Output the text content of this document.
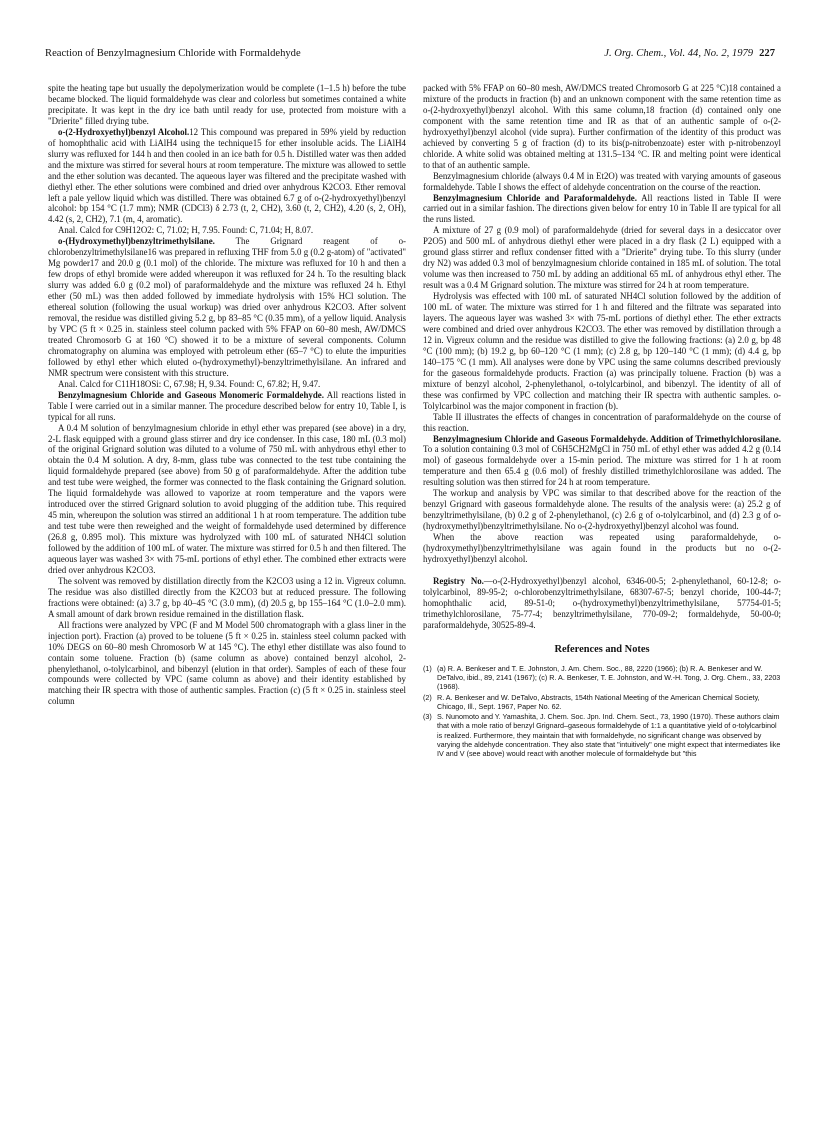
Reaction of Benzylmagnesium Chloride with Formaldehyde	J. Org. Chem., Vol. 44, No. 2, 1979 227

spite the heating tape but usually the depolymerization would be complete (1–1.5 h) before the tube became blocked. The liquid formaldehyde was clear and colorless but sometimes contained a white precipitate. It was kept in the dry ice bath until ready for use, protected from moisture with a "Drierite" filled drying tube.

o-(2-Hydroxyethyl)benzyl Alcohol.12 This compound was prepared in 59% yield by reduction of homophthalic acid with LiAlH4 using the technique15 for ether insoluble acids. The LiAlH4 slurry was refluxed for 144 h and then cooled in an ice bath for 0.5 h. Distilled water was then added and the mixture was stirred for several hours at room temperature. The mixture was allowed to settle and the ether solution was decanted. The aqueous layer was filtered and the precipitate washed with diethyl ether. The ether solutions were combined and dried over anhydrous K2CO3. Ether removal left a pale yellow liquid which was distilled. There was obtained 6.7 g of o-(2-hydroxyethyl)benzyl alcohol: bp 154 °C (1.7 mm); NMR (CDCl3) δ 2.73 (t, 2, CH2), 3.60 (t, 2, CH2), 4.20 (s, 2, OH), 4.42 (s, 2, CH2), 7.1 (m, 4, aromatic).

Anal. Calcd for C9H12O2: C, 71.02; H, 7.95. Found: C, 71.04; H, 8.07.

o-(Hydroxymethyl)benzyltrimethylsilane. The Grignard reagent of o-chlorobenzyltrimethylsilane16 was prepared in refluxing THF from 5.0 g (0.2 g-atom) of "activated" Mg powder17 and 20.0 g (0.1 mol) of the chloride. The mixture was refluxed for 10 h and then a few drops of ethyl bromide were added whereupon it was refluxed for 24 h. To the resulting black slurry was added 6.0 g (0.2 mol) of paraformaldehyde and the mixture was refluxed 24 h. Ethyl ether (50 mL) was then added followed by immediate hydrolysis with 15% HCl solution. The ethereal solution (following the usual workup) was dried over anhydrous K2CO3. After solvent removal, the residue was distilled giving 5.2 g, bp 83–85 °C (0.35 mm), of a yellow liquid. Analysis by VPC (5 ft × 0.25 in. stainless steel column packed with 5% FFAP on 60–80 mesh, AW/DMCS treated Chromosorb G at 160 °C) showed it to be a mixture of several components. Column chromatography on alumina was employed with petroleum ether (65–7 °C) to elute the impurities followed by ethyl ether which eluted o-(hydroxymethyl)-benzyltrimethylsilane. An infrared and NMR spectrum were consistent with this structure.

Anal. Calcd for C11H18OSi: C, 67.98; H, 9.34. Found: C, 67.82; H, 9.47.

Benzylmagnesium Chloride and Gaseous Monomeric Formaldehyde. All reactions listed in Table I were carried out in a similar manner. The procedure described below for entry 10, Table I, is typical for all runs.

A 0.4 M solution of benzylmagnesium chloride in ethyl ether was prepared (see above) in a dry, 2-L flask equipped with a ground glass stirrer and dry ice condenser. In this case, 180 mL (0.3 mol) of the original Grignard solution was diluted to a volume of 750 mL with anhydrous ethyl ether to obtain the 0.4 M solution. A dry, 8-mm, glass tube was connected to the test tube containing the liquid formaldehyde prepared (see above) from 50 g of paraformaldehyde. After the addition tube and test tube were weighed, the former was connected to the flask containing the Grignard solution. The liquid formaldehyde was allowed to vaporize at room temperature and the vapors were introduced over the stirred Grignard solution to avoid plugging of the addition tube. This required 45 min, whereupon the solution was stirred an additional 1 h at room temperature. The addition tube and test tube were then reweighed and the weight of formaldehyde used determined by difference (26.8 g, 0.895 mol). This mixture was hydrolyzed with 100 mL of saturated NH4Cl solution followed by the addition of 100 mL of water. The mixture was stirred for 0.5 h and then filtered. The aqueous layer was washed 3× with 75-mL portions of ethyl ether. The combined ether extracts were dried over anhydrous K2CO3.

The solvent was removed by distillation directly from the K2CO3 using a 12 in. Vigreux column. The residue was also distilled directly from the K2CO3 but at reduced pressure. The following fractions were obtained: (a) 3.7 g, bp 40–45 °C (3.0 mm), (d) 20.5 g, bp 155–164 °C (1.0–2.0 mm). A small amount of dark brown residue remained in the distillation flask.

All fractions were analyzed by VPC (F and M Model 500 chromatograph with a glass liner in the injection port). Fraction (a) proved to be toluene (5 ft × 0.25 in. stainless steel column packed with 10% DEGS on 60–80 mesh Chromosorb W at 145 °C). The ethyl ether distillate was also found to contain some toluene. Fraction (b) (same column as above) contained benzyl alcohol, 2-phenylethanol, o-tolylcarbinol, and bibenzyl (elution in that order). Samples of each of these four compounds were collected by VPC (same column as above) and their identity established by matching their IR spectra with those of authentic samples. Fraction (c) (5 ft × 0.25 in. stainless steel column

packed with 5% FFAP on 60–80 mesh, AW/DMCS treated Chromosorb G at 225 °C)18 contained a mixture of the products in fraction (b) and an unknown component with the same retention time as o-(2-hydroxyethyl)benzyl alcohol. With this same column,18 fraction (d) contained only one component with the same retention time and IR as that of an authentic sample of o-(2-hydroxyethyl)benzyl alcohol (vide supra). Further confirmation of the identity of this product was achieved by converting 5 g of fraction (d) to its bis(p-nitrobenzoate) ester with p-nitrobenzoyl chloride. A white solid was obtained melting at 131.5–134 °C. IR and melting point were identical to that of an authentic sample.

Benzylmagnesium chloride (always 0.4 M in Et2O) was treated with varying amounts of gaseous formaldehyde. Table I shows the effect of aldehyde concentration on the course of the reaction.

Benzylmagnesium Chloride and Paraformaldehyde. All reactions listed in Table II were carried out in a similar fashion. The directions given below for entry 10 in Table II are typical for all the runs listed.

A mixture of 27 g (0.9 mol) of paraformaldehyde (dried for several days in a desiccator over P2O5) and 500 mL of anhydrous diethyl ether were placed in a dry flask (2 L) equipped with a ground glass stirrer and reflux condenser fitted with a "Drierite" drying tube. To this slurry (under dry N2) was added 0.3 mol of benzylmagnesium chloride contained in 185 mL of solution. The total volume was then increased to 750 mL by adding an additional 65 mL of anhydrous ethyl ether. The result was a 0.4 M Grignard solution. The mixture was stirred for 24 h at room temperature.

Hydrolysis was effected with 100 mL of saturated NH4Cl solution followed by the addition of 100 mL of water. The mixture was stirred for 1 h and filtered and the filtrate was separated into layers. The aqueous layer was washed 3× with 75-mL portions of diethyl ether. The ether extracts were combined and dried over anhydrous K2CO3. The ether was removed by distillation through a 12 in. Vigreux column and the residue was distilled to give the following fractions: (a) 2.0 g, bp 48 °C (100 mm); (b) 19.2 g, bp 60–120 °C (1 mm); (c) 2.8 g, bp 120–140 °C (1 mm); (d) 4.4 g, bp 140–175 °C (1 mm). All analyses were done by VPC using the same columns described previously for the gaseous formaldehyde products. Fraction (a) was principally toluene. Fraction (b) was a mixture of benzyl alcohol, 2-phenylethanol, o-tolylcarbinol, and bibenzyl. The identity of all of these was confirmed by VPC collection and matching their IR spectra with authentic samples. o-Tolylcarbinol was the major component in fraction (b).

Table II illustrates the effects of changes in concentration of paraformaldehyde on the course of this reaction.

Benzylmagnesium Chloride and Gaseous Formaldehyde. Addition of Trimethylchlorosilane. To a solution containing 0.3 mol of C6H5CH2MgCl in 750 mL of ethyl ether was added 4.2 g (0.14 mol) of gaseous formaldehyde over a 15-min period. The mixture was stirred for 1 h at room temperature and then 65.4 g (0.6 mol) of freshly distilled trimethylchlorosilane was added. The resulting solution was then stirred for 24 h at room temperature.

The workup and analysis by VPC was similar to that described above for the reaction of the benzyl Grignard with gaseous formaldehyde alone. The results of the analysis were: (a) 25.2 g of benzyltrimethylsilane, (b) 0.2 g of 2-phenylethanol, (c) 2.6 g of o-tolylcarbinol, and (d) 2.3 g of o-(hydroxymethyl)benzyltrimethylsilane. No o-(2-hydroxyethyl)benzyl alcohol was found.

When the above reaction was repeated using paraformaldehyde, o-(hydroxymethyl)benzyltrimethylsilane was again found in the products but no o-(2-hydroxyethyl)benzyl alcohol.

Registry No.—o-(2-Hydroxyethyl)benzyl alcohol, 6346-00-5; 2-phenylethanol, 60-12-8; o-tolylcarbinol, 89-95-2; o-chlorobenzyltrimethylsilane, 68307-67-5; benzyl choride, 100-44-7; homophthalic acid, 89-51-0; o-(hydroxymethyl)benzyltrimethylsilane, 57754-01-5; trimethylchlorosilane, 75-77-4; benzyltrimethylsilane, 770-09-2; formaldehyde, 50-00-0; paraformaldehyde, 30525-89-4.

References and Notes
(1) (a) R. A. Benkeser and T. E. Johnston, J. Am. Chem. Soc., 88, 2220 (1966); (b) R. A. Benkeser and W. DeTalvo, ibid., 89, 2141 (1967); (c) R. A. Benkeser, T. E. Johnston, and W.-H. Tong, J. Org. Chem., 33, 2203 (1968).
(2) R. A. Benkeser and W. DeTalvo, Abstracts, 154th National Meeting of the American Chemical Society, Chicago, Ill., Sept. 1967, Paper No. 62.
(3) S. Nunomoto and Y. Yamashita, J. Chem. Soc. Jpn. Ind. Chem. Sect., 73, 1990 (1970). These authors claim that with a mole ratio of benzyl Grignard–gaseous formaldehyde of 1:1 a quantitative yield of o-tolylcarbinol is realized. Furthermore, they maintain that with formaldehyde, no significant change was observed by varying the aldehyde concentration. They also state that "intuitively" one might expect that intermediates like IV and V (see above) would react with another molecule of formaldehyde but "this
